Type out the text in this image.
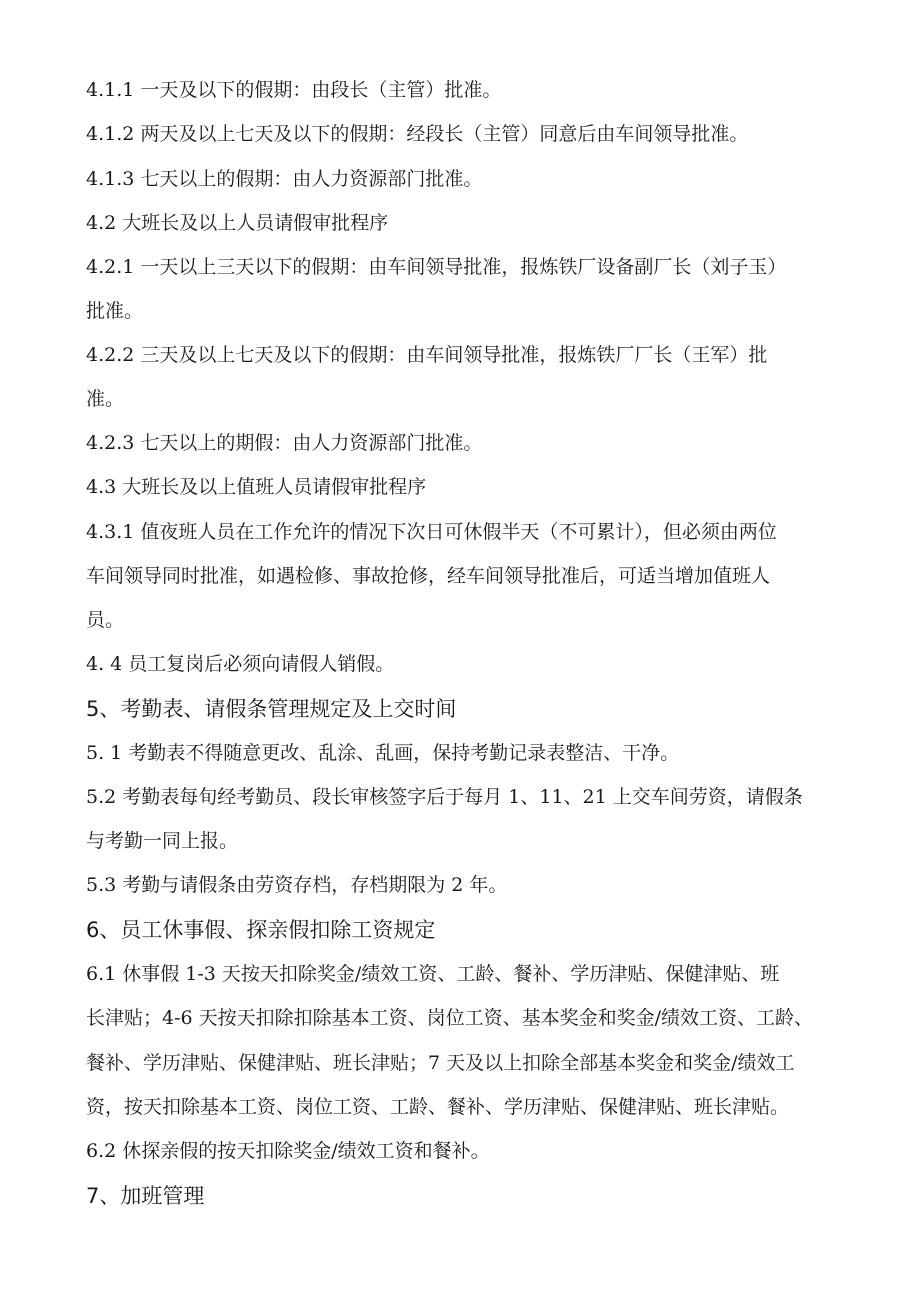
4.1.1 一天及以下的假期：由段长（主管）批准。
4.1.2 两天及以上七天及以下的假期：经段长（主管）同意后由车间领导批准。
4.1.3 七天以上的假期：由人力资源部门批准。
4.2 大班长及以上人员请假审批程序
4.2.1 一天以上三天以下的假期：由车间领导批准，报炼铁厂设备副厂长（刘子玉）
批准。
4.2.2 三天及以上七天及以下的假期：由车间领导批准，报炼铁厂厂长（王军）批
准。
4.2.3 七天以上的期假：由人力资源部门批准。
4.3 大班长及以上值班人员请假审批程序
4.3.1 值夜班人员在工作允许的情况下次日可休假半天（不可累计），但必须由两位
车间领导同时批准，如遇检修、事故抢修，经车间领导批准后，可适当增加值班人
员。
4. 4 员工复岗后必须向请假人销假。
5、考勤表、请假条管理规定及上交时间
5. 1 考勤表不得随意更改、乱涂、乱画，保持考勤记录表整洁、干净。
5.2 考勤表每旬经考勤员、段长审核签字后于每月 1、11、21 上交车间劳资，请假条
与考勤一同上报。
5.3 考勤与请假条由劳资存档，存档期限为 2 年。
6、员工休事假、探亲假扣除工资规定
6.1 休事假 1-3 天按天扣除奖金/绩效工资、工龄、餐补、学历津贴、保健津贴、班
长津贴；4-6 天按天扣除扣除基本工资、岗位工资、基本奖金和奖金/绩效工资、工龄、
餐补、学历津贴、保健津贴、班长津贴；7 天及以上扣除全部基本奖金和奖金/绩效工
资，按天扣除基本工资、岗位工资、工龄、餐补、学历津贴、保健津贴、班长津贴。
6.2 休探亲假的按天扣除奖金/绩效工资和餐补。
7、加班管理
